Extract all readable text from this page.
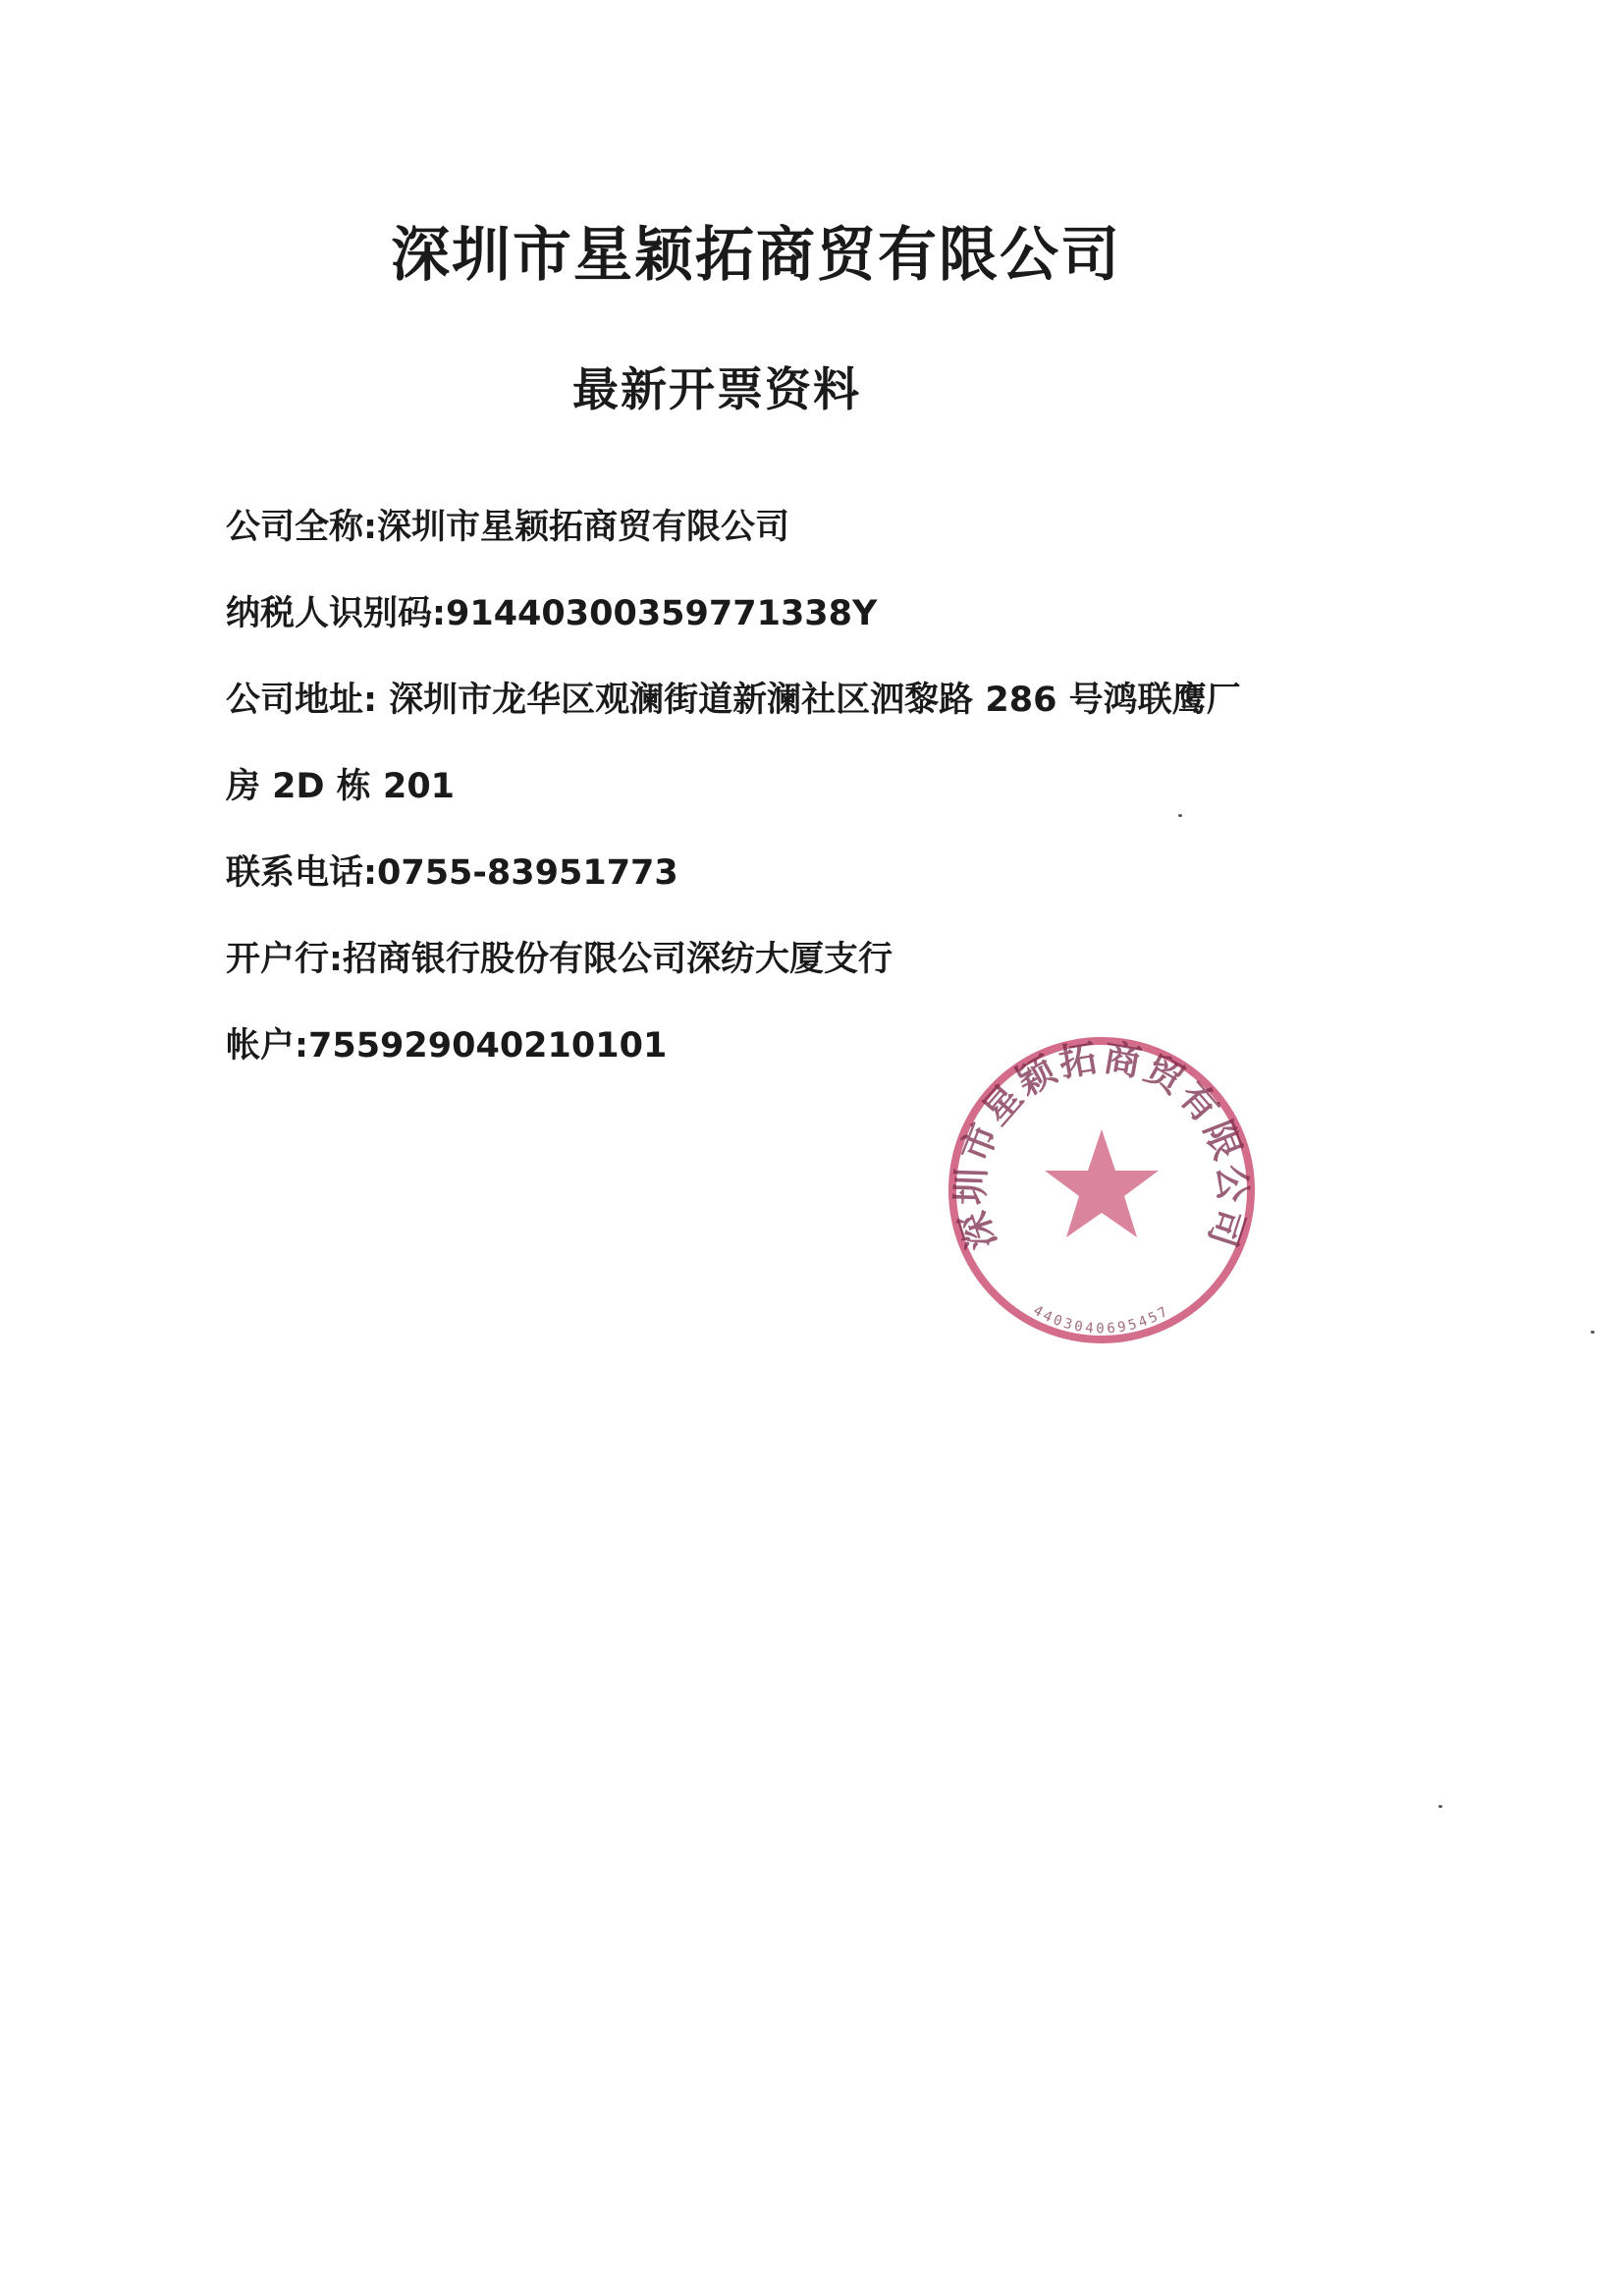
深圳市星颖拓商贸有限公司
最新开票资料
公司全称:深圳市星颖拓商贸有限公司
纳税人识别码:91440300359771338Y
公司地址: 深圳市龙华区观澜街道新澜社区泗黎路 286 号鸿联鹰厂
房 2D 栋 201
联系电话:0755-83951773
开户行:招商银行股份有限公司深纺大厦支行
帐户:755929040210101
深圳市星颖拓商贸有限公司
4403040695457
